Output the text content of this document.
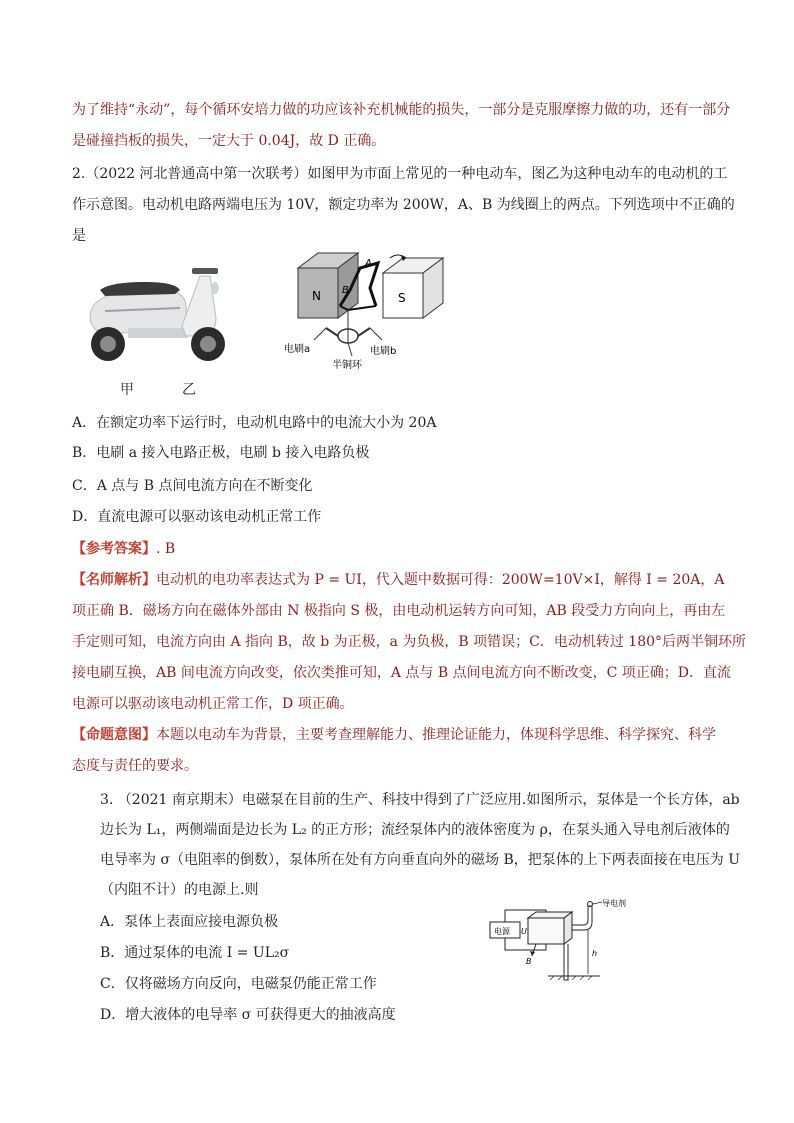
为了维持“永动”，每个循环安培力做的功应该补充机械能的损失，一部分是克服摩擦力做的功，还有一部分
是碰撞挡板的损失，一定大于 0.04J，故 D 正确。
2.（2022 河北普通高中第一次联考）如图甲为市面上常见的一种电动车，图乙为这种电动车的电动机的工
作示意图。电动机电路两端电压为 10V，额定功率为 200W，A、B 为线圈上的两点。下列选项中不正确的
是
N	S
A
B
电刷a	电刷b
半铜环
甲	乙
A．在额定功率下运行时，电动机电路中的电流大小为 20A
B．电刷 a 接入电路正极，电刷 b 接入电路负极
C．A 点与 B 点间电流方向在不断变化
D．直流电源可以驱动该电动机正常工作
【参考答案】. B
【名师解析】电动机的电功率表达式为 P = UI，代入题中数据可得：200W=10V×I，解得 I = 20A，A
项正确 B．磁场方向在磁体外部由 N 极指向 S 极，由电动机运转方向可知，AB 段受力方向向上，再由左
手定则可知，电流方向由 A 指向 B，故 b 为正极，a 为负极，B 项错误；C．电动机转过 180°后两半铜环所
接电刷互换，AB 间电流方向改变，依次类推可知，A 点与 B 点间电流方向不断改变，C 项正确；D．直流
电源可以驱动该电动机正常工作，D 项正确。
【命题意图】本题以电动车为背景，主要考查理解能力、推理论证能力，体现科学思维、科学探究、科学
态度与责任的要求。
3. （2021 南京期末）电磁泵在目前的生产、科技中得到了广泛应用.如图所示，泵体是一个长方体，ab
边长为 L₁，两侧端面是边长为 L₂ 的正方形；流经泵体内的液体密度为 ρ，在泵头通入导电剂后液体的
电导率为 σ（电阻率的倒数），泵体所在处有方向垂直向外的磁场 B，把泵体的上下两表面接在电压为 U
（内阻不计）的电源上.则
A．泵体上表面应接电源负极
B．通过泵体的电流 I = UL₂σ
C．仅将磁场方向反向，电磁泵仍能正常工作
D．增大液体的电导率 σ 可获得更大的抽液高度
电源 U
B
导电剂
h
